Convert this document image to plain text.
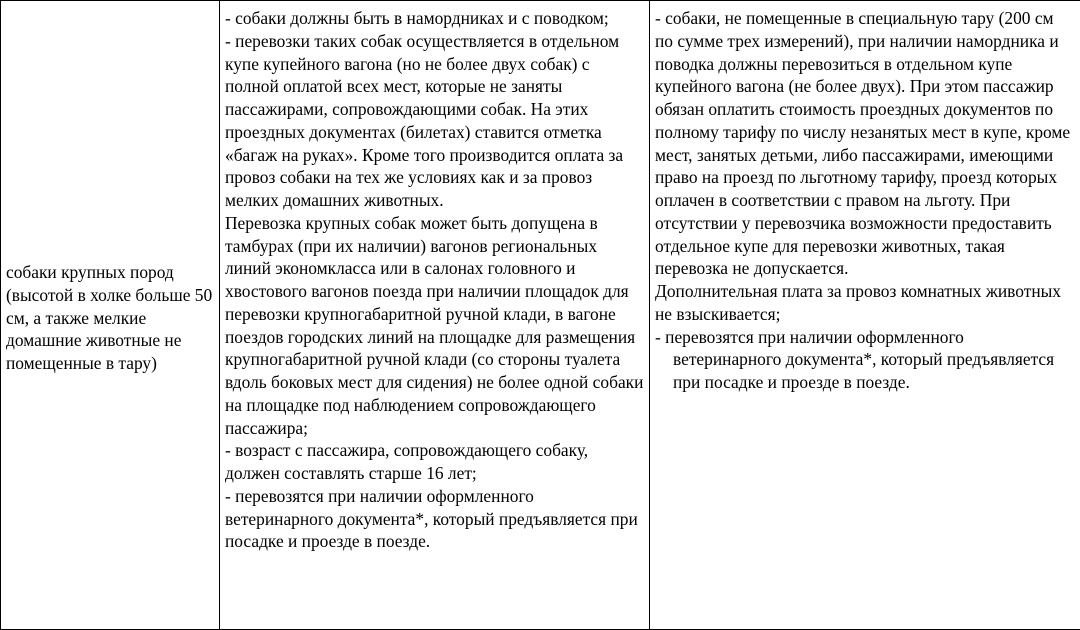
собаки крупных пород (высотой в холке больше 50 см, а также мелкие домашние животные не помещенные в тару)

- собаки должны быть в намордниках и с поводком;
- перевозки таких собак осуществляется в отдельном купе купейного вагона (но не более двух собак) с полной оплатой всех мест, которые не заняты пассажирами, сопровождающими собак. На этих проездных документах (билетах) ставится отметка «багаж на руках». Кроме того производится оплата за провоз собаки на тех же условиях как и за провоз мелких домашних животных.
Перевозка крупных собак может быть допущена в тамбурах (при их наличии) вагонов региональных линий экономкласса или в салонах головного и хвостового вагонов поезда при наличии площадок для перевозки крупногабаритной ручной клади, в вагоне поездов городских линий на площадке для размещения крупногабаритной ручной клади (со стороны туалета вдоль боковых мест для сидения) не более одной собаки на площадке под наблюдением сопровождающего пассажира;
- возраст с пассажира, сопровождающего собаку, должен составлять старше 16 лет;
- перевозятся при наличии оформленного ветеринарного документа*, который предъявляется при посадке и проезде в поезде.

- собаки, не помещенные в специальную тару (200 см по сумме трех измерений), при наличии намордника и поводка должны перевозиться в отдельном купе купейного вагона (не более двух). При этом пассажир обязан оплатить стоимость проездных документов по полному тарифу по числу незанятых мест в купе, кроме мест, занятых детьми, либо пассажирами, имеющими право на проезд по льготному тарифу, проезд которых оплачен в соответствии с правом на льготу. При отсутствии у перевозчика возможности предоставить отдельное купе для перевозки животных, такая перевозка не допускается.
Дополнительная плата за провоз комнатных животных не взыскивается;
- перевозятся при наличии оформленного ветеринарного документа*, который предъявляется при посадке и проезде в поезде.
